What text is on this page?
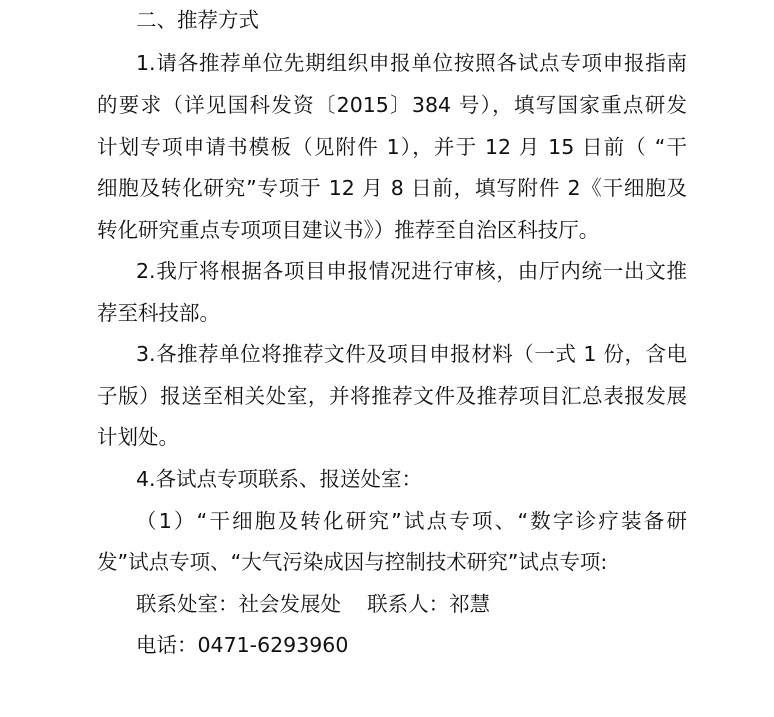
二、推荐方式
1.请各推荐单位先期组织申报单位按照各试点专项申报指南
的要求（详见国科发资〔2015〕384 号），填写国家重点研发
计划专项申请书模板（见附件 1），并于 12 月 15 日前（ “干
细胞及转化研究”专项于 12 月 8 日前，填写附件 2《干细胞及
转化研究重点专项项目建议书》）推荐至自治区科技厅。
2.我厅将根据各项目申报情况进行审核，由厅内统一出文推
荐至科技部。
3.各推荐单位将推荐文件及项目申报材料（一式 1 份，含电
子版）报送至相关处室，并将推荐文件及推荐项目汇总表报发展
计划处。
4.各试点专项联系、报送处室：
（1）“干细胞及转化研究”试点专项、“数字诊疗装备研
发”试点专项、“大气污染成因与控制技术研究”试点专项:
联系处室：社会发展处    联系人：祁慧
电话：0471-6293960
